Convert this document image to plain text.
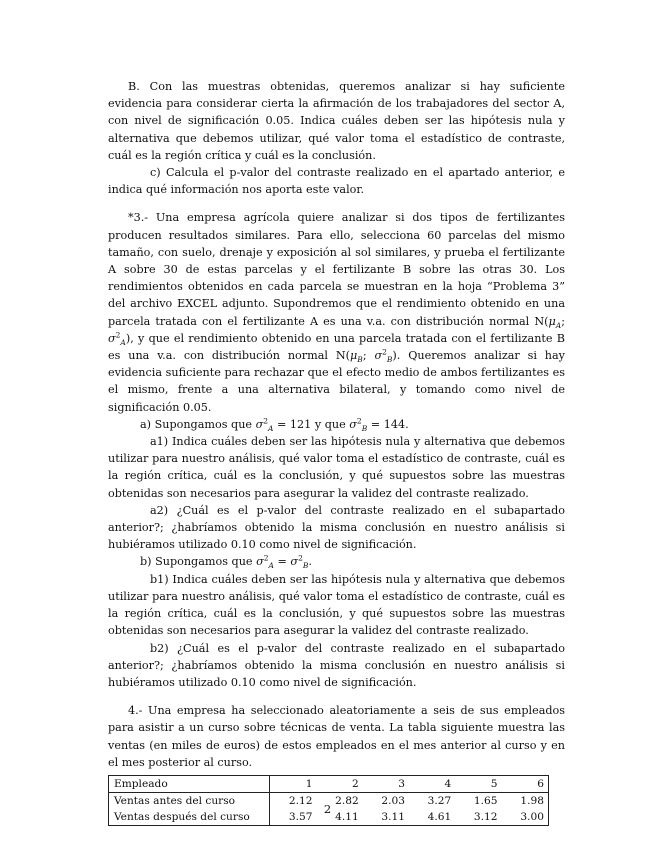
B. Con las muestras obtenidas, queremos analizar si hay suficiente evidencia para considerar cierta la afirmación de los trabajadores del sector A, con nivel de significación 0.05. Indica cuáles deben ser las hipótesis nula y alternativa que debemos utilizar, qué valor toma el estadístico de contraste, cuál es la región crítica y cuál es la conclusión.

c) Calcula el p-valor del contraste realizado en el apartado anterior, e indica qué información nos aporta este valor.

*3.- Una empresa agrícola quiere analizar si dos tipos de fertilizantes producen resultados similares. Para ello, selecciona 60 parcelas del mismo tamaño, con suelo, drenaje y exposición al sol similares, y prueba el fertilizante A sobre 30 de estas parcelas y el fertilizante B sobre las otras 30. Los rendimientos obtenidos en cada parcela se muestran en la hoja “Problema 3” del archivo EXCEL adjunto. Supondremos que el rendimiento obtenido en una parcela tratada con el fertilizante A es una v.a. con distribución normal $N(\mu_A$; $\sigma^2_A$), y que el rendimiento obtenido en una parcela tratada con el fertilizante B es una v.a. con distribución normal $N(\mu_B$; $\sigma^2_B$). Queremos analizar si hay evidencia suficiente para rechazar que el efecto medio de ambos fertilizantes es el mismo, frente a una alternativa bilateral, y tomando como nivel de significación 0.05.

a) Supongamos que $\sigma^2_A = 121$ y que $\sigma^2_B = 144$.

a1) Indica cuáles deben ser las hipótesis nula y alternativa que debemos utilizar para nuestro análisis, qué valor toma el estadístico de contraste, cuál es la región crítica, cuál es la conclusión, y qué supuestos sobre las muestras obtenidas son necesarios para asegurar la validez del contraste realizado.

a2) ¿Cuál es el p-valor del contraste realizado en el subapartado anterior?; ¿habríamos obtenido la misma conclusión en nuestro análisis si hubiéramos utilizado 0.10 como nivel de significación.

b) Supongamos que $\sigma^2_A = \sigma^2_B$.

b1) Indica cuáles deben ser las hipótesis nula y alternativa que debemos utilizar para nuestro análisis, qué valor toma el estadístico de contraste, cuál es la región crítica, cuál es la conclusión, y qué supuestos sobre las muestras obtenidas son necesarios para asegurar la validez del contraste realizado.

b2) ¿Cuál es el p-valor del contraste realizado en el subapartado anterior?; ¿habríamos obtenido la misma conclusión en nuestro análisis si hubiéramos utilizado 0.10 como nivel de significación.

4.- Una empresa ha seleccionado aleatoriamente a seis de sus empleados para asistir a un curso sobre técnicas de venta. La tabla siguiente muestra las ventas (en miles de euros) de estos empleados en el mes anterior al curso y en el mes posterior al curso.

Empleado	1	2	3	4	5	6
Ventas antes del curso	2.12	2.82	2.03	3.27	1.65	1.98
Ventas después del curso	3.57	4.11	3.11	4.61	3.12	3.00
2
